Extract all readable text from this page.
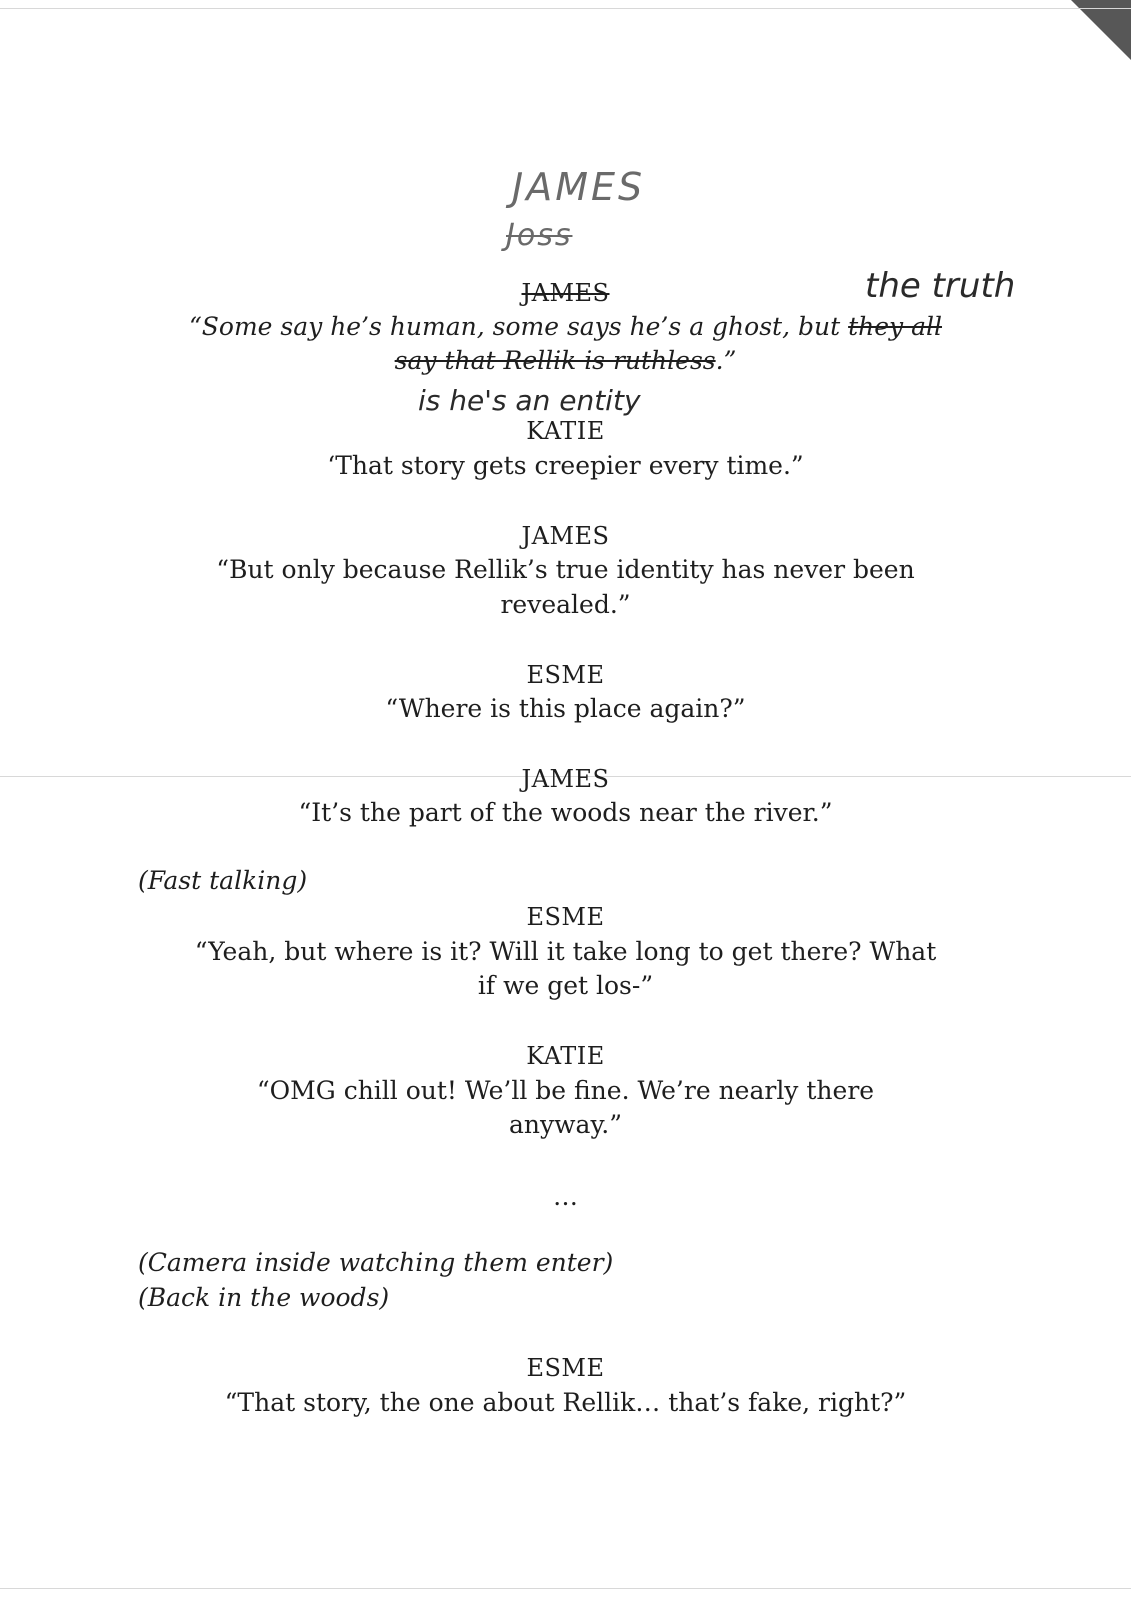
JAMES
Joss
the truth
is he's an entity
JAMES
“Some say he’s human, some says he’s a ghost, but they all
say that Rellik is ruthless.”
KATIE
‘That story gets creepier every time.”
JAMES
“But only because Rellik’s true identity has never been
revealed.”
ESME
“Where is this place again?”
JAMES
“It’s the part of the woods near the river.”
(Fast talking)
ESME
“Yeah, but where is it? Will it take long to get there? What
if we get los-”
KATIE
“OMG chill out! We’ll be fine. We’re nearly there
anyway.”
…
(Camera inside watching them enter)
(Back in the woods)
ESME
“That story, the one about Rellik… that’s fake, right?”
